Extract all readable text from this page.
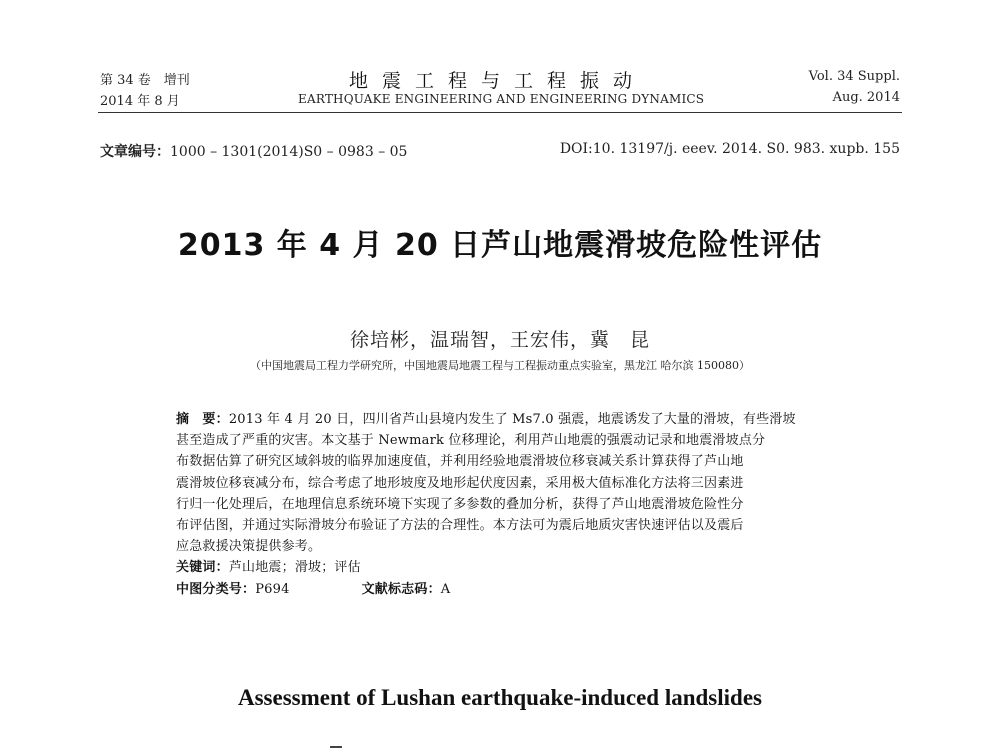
第 34 卷　增刊
2014 年 8 月
地震工程与工程振动
EARTHQUAKE ENGINEERING AND ENGINEERING DYNAMICS
Vol. 34 Suppl.
Aug. 2014
文章编号：1000 – 1301(2014)S0 – 0983 – 05	DOI:10. 13197/j. eeev. 2014. S0. 983. xupb. 155
2013 年 4 月 20 日芦山地震滑坡危险性评估
徐培彬，温瑞智，王宏伟，冀　昆
（中国地震局工程力学研究所，中国地震局地震工程与工程振动重点实验室，黑龙江 哈尔滨 150080）
摘　要：2013 年 4 月 20 日，四川省芦山县境内发生了 Ms7.0 强震，地震诱发了大量的滑坡，有些滑坡
甚至造成了严重的灾害。本文基于 Newmark 位移理论，利用芦山地震的强震动记录和地震滑坡点分
布数据估算了研究区域斜坡的临界加速度值，并利用经验地震滑坡位移衰减关系计算获得了芦山地
震滑坡位移衰减分布，综合考虑了地形坡度及地形起伏度因素，采用极大值标准化方法将三因素进
行归一化处理后，在地理信息系统环境下实现了多参数的叠加分析，获得了芦山地震滑坡危险性分
布评估图，并通过实际滑坡分布验证了方法的合理性。本方法可为震后地质灾害快速评估以及震后
应急救援决策提供参考。
关键词：芦山地震；滑坡；评估
中图分类号：P694	文献标志码：A
Assessment of Lushan earthquake-induced landslides
